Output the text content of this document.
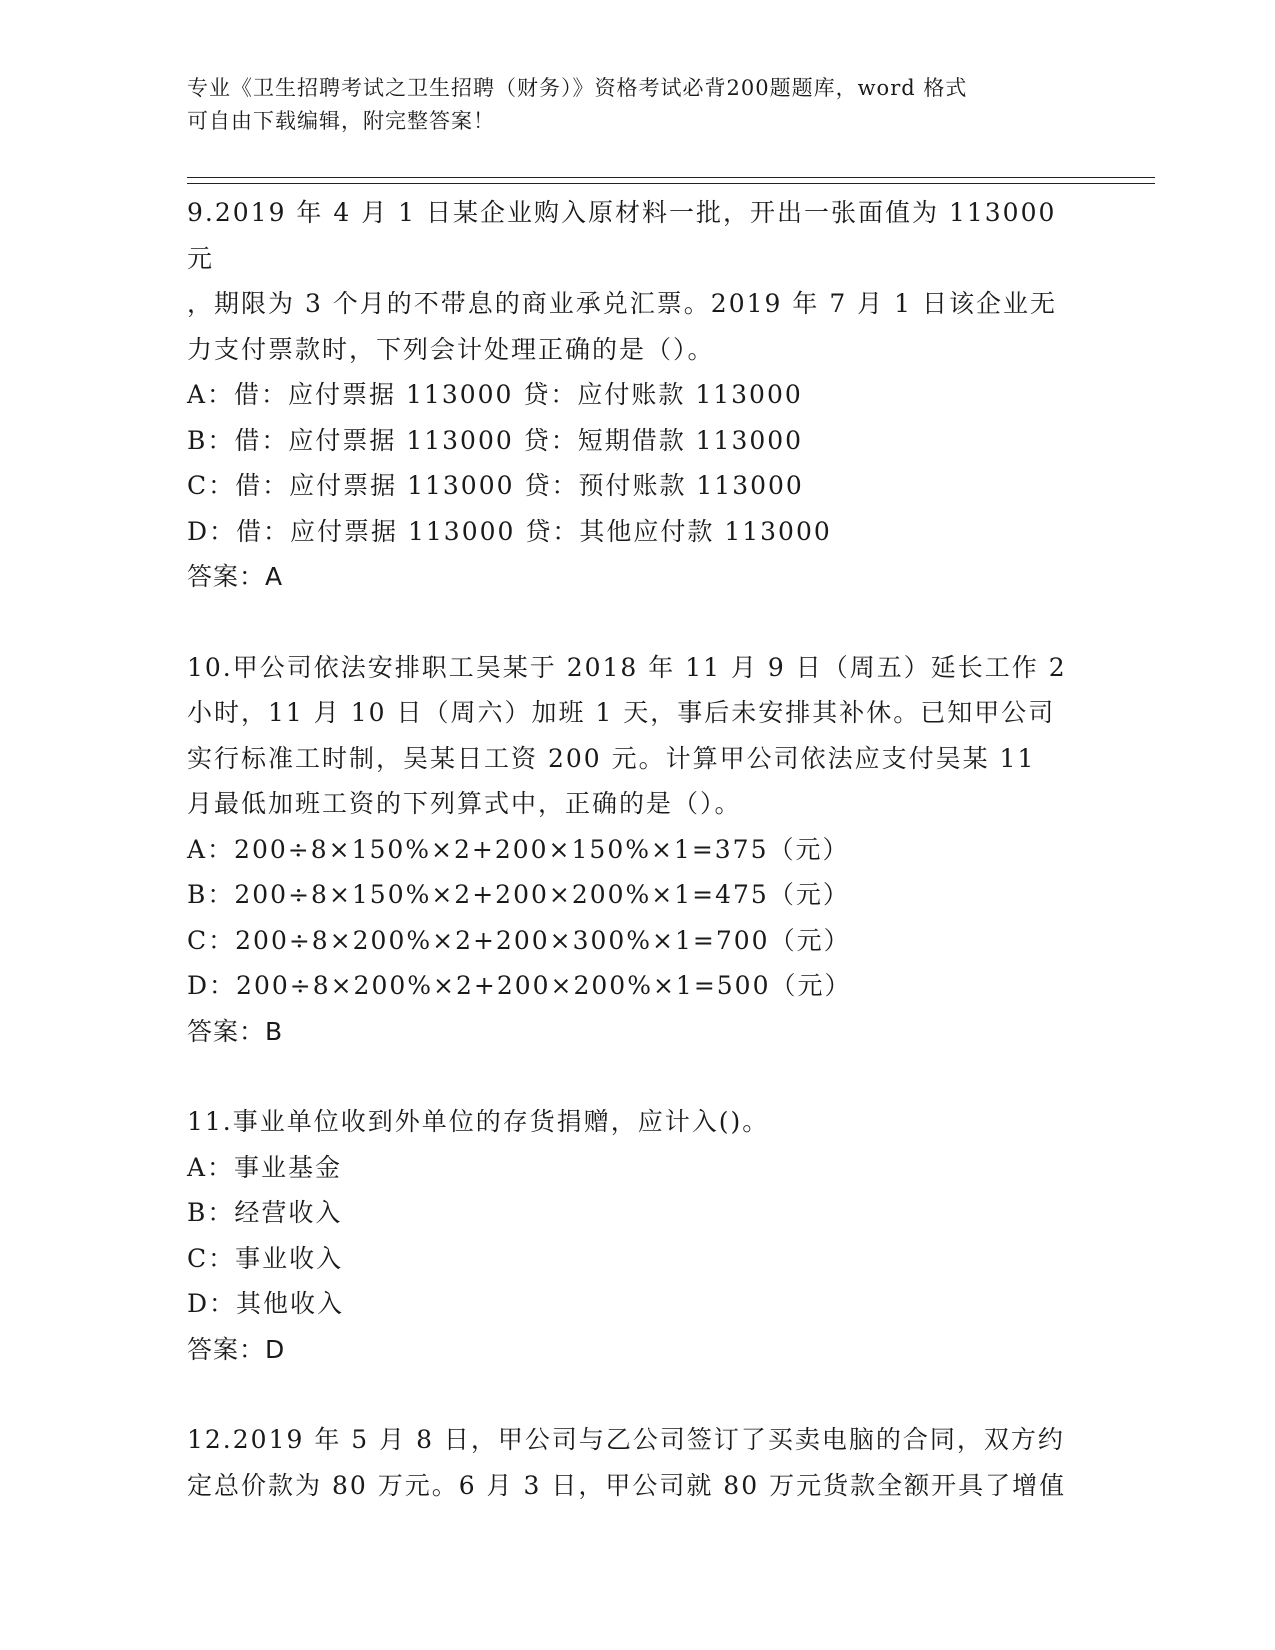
专业《卫生招聘考试之卫生招聘（财务）》资格考试必背200题题库，word 格式
可自由下载编辑，附完整答案！
9.2019 年 4 月 1 日某企业购入原材料一批，开出一张面值为 113000 元
，期限为 3 个月的不带息的商业承兑汇票。2019 年 7 月 1 日该企业无
力支付票款时，下列会计处理正确的是（）。
A：借：应付票据 113000 贷：应付账款 113000
B：借：应付票据 113000 贷：短期借款 113000
C：借：应付票据 113000 贷：预付账款 113000
D：借：应付票据 113000 贷：其他应付款 113000
答案：A
10.甲公司依法安排职工吴某于 2018 年 11 月 9 日（周五）延长工作 2
小时，11 月 10 日（周六）加班 1 天，事后未安排其补休。已知甲公司
实行标准工时制，吴某日工资 200 元。计算甲公司依法应支付吴某 11
月最低加班工资的下列算式中，正确的是（）。
A：200÷8×150%×2+200×150%×1=375（元）
B：200÷8×150%×2+200×200%×1=475（元）
C：200÷8×200%×2+200×300%×1=700（元）
D：200÷8×200%×2+200×200%×1=500（元）
答案：B
11.事业单位收到外单位的存货捐赠，应计入()。
A：事业基金
B：经营收入
C：事业收入
D：其他收入
答案：D
12.2019 年 5 月 8 日，甲公司与乙公司签订了买卖电脑的合同，双方约
定总价款为 80 万元。6 月 3 日，甲公司就 80 万元货款全额开具了增值
